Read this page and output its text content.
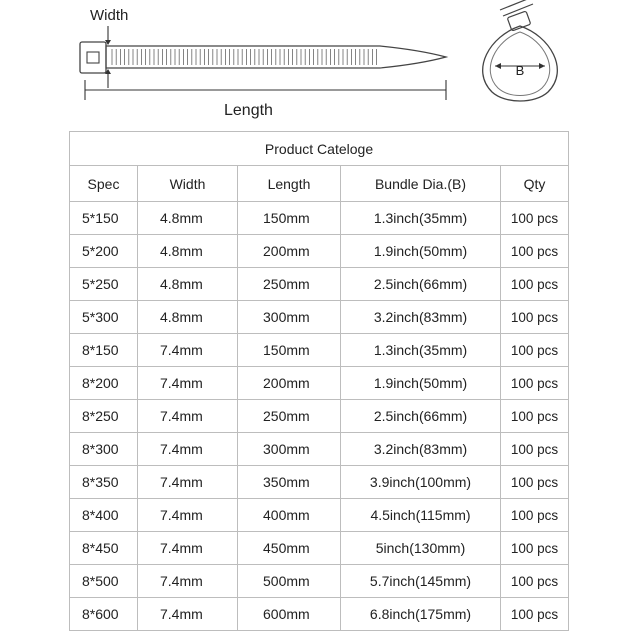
B
Width
Length
Product Cateloge				
Spec	Width	Length	Bundle Dia.(B)	Qty
5*150	4.8mm	150mm	1.3inch(35mm)	100 pcs
5*200	4.8mm	200mm	1.9inch(50mm)	100 pcs
5*250	4.8mm	250mm	2.5inch(66mm)	100 pcs
5*300	4.8mm	300mm	3.2inch(83mm)	100 pcs
8*150	7.4mm	150mm	1.3inch(35mm)	100 pcs
8*200	7.4mm	200mm	1.9inch(50mm)	100 pcs
8*250	7.4mm	250mm	2.5inch(66mm)	100 pcs
8*300	7.4mm	300mm	3.2inch(83mm)	100 pcs
8*350	7.4mm	350mm	3.9inch(100mm)	100 pcs
8*400	7.4mm	400mm	4.5inch(115mm)	100 pcs
8*450	7.4mm	450mm	5inch(130mm)	100 pcs
8*500	7.4mm	500mm	5.7inch(145mm)	100 pcs
8*600	7.4mm	600mm	6.8inch(175mm)	100 pcs
